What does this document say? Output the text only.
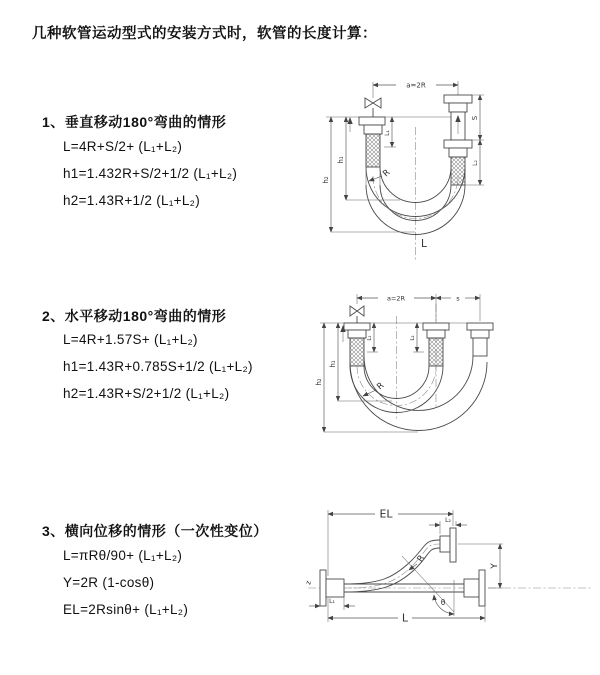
几种软管运动型式的安装方式时，软管的长度计算：
1、垂直移动180°弯曲的情形
L=4R+S/2+ (L₁+L₂)
h1=1.432R+S/2+1/2 (L₁+L₂)
h2=1.43R+1/2 (L₁+L₂)
2、水平移动180°弯曲的情形
L=4R+1.57S+ (L₁+L₂)
h1=1.43R+0.785S+1/2 (L₁+L₂)
h2=1.43R+S/2+1/2 (L₁+L₂)
3、横向位移的情形（一次性变位）
L=πRθ/90+ (L₁+L₂)
Y=2R (1-cosθ)
EL=2Rsinθ+ (L₁+L₂)
a=2R
h₁
h₂
L₁
S
L₂
R
L
a=2R	s
h₁
h₂
L₁	L₂
R
z
EL	L₂
Y
θ
R
L
L₁
